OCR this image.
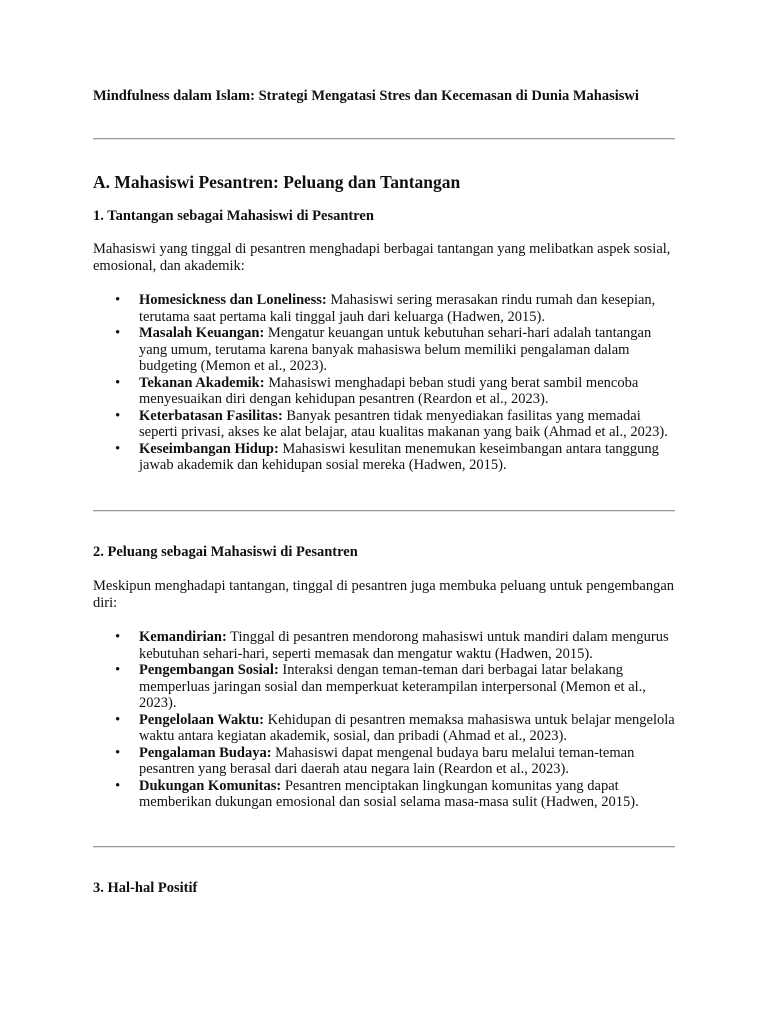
Mindfulness dalam Islam: Strategi Mengatasi Stres dan Kecemasan di Dunia Mahasiswi

A. Mahasiswi Pesantren: Peluang dan Tantangan
1. Tantangan sebagai Mahasiswi di Pesantren

Mahasiswi yang tinggal di pesantren menghadapi berbagai tantangan yang melibatkan aspek sosial, emosional, dan akademik:

• Homesickness dan Loneliness: Mahasiswi sering merasakan rindu rumah dan kesepian, terutama saat pertama kali tinggal jauh dari keluarga (Hadwen, 2015).
• Masalah Keuangan: Mengatur keuangan untuk kebutuhan sehari-hari adalah tantangan yang umum, terutama karena banyak mahasiswa belum memiliki pengalaman dalam budgeting (Memon et al., 2023).
• Tekanan Akademik: Mahasiswi menghadapi beban studi yang berat sambil mencoba menyesuaikan diri dengan kehidupan pesantren (Reardon et al., 2023).
• Keterbatasan Fasilitas: Banyak pesantren tidak menyediakan fasilitas yang memadai seperti privasi, akses ke alat belajar, atau kualitas makanan yang baik (Ahmad et al., 2023).
• Keseimbangan Hidup: Mahasiswi kesulitan menemukan keseimbangan antara tanggung jawab akademik dan kehidupan sosial mereka (Hadwen, 2015).
2. Peluang sebagai Mahasiswi di Pesantren

Meskipun menghadapi tantangan, tinggal di pesantren juga membuka peluang untuk pengembangan diri:

• Kemandirian: Tinggal di pesantren mendorong mahasiswi untuk mandiri dalam mengurus kebutuhan sehari-hari, seperti memasak dan mengatur waktu (Hadwen, 2015).
• Pengembangan Sosial: Interaksi dengan teman-teman dari berbagai latar belakang memperluas jaringan sosial dan memperkuat keterampilan interpersonal (Memon et al., 2023).
• Pengelolaan Waktu: Kehidupan di pesantren memaksa mahasiswa untuk belajar mengelola waktu antara kegiatan akademik, sosial, dan pribadi (Ahmad et al., 2023).
• Pengalaman Budaya: Mahasiswi dapat mengenal budaya baru melalui teman-teman pesantren yang berasal dari daerah atau negara lain (Reardon et al., 2023).
• Dukungan Komunitas: Pesantren menciptakan lingkungan komunitas yang dapat memberikan dukungan emosional dan sosial selama masa-masa sulit (Hadwen, 2015).
3. Hal-hal Positif
